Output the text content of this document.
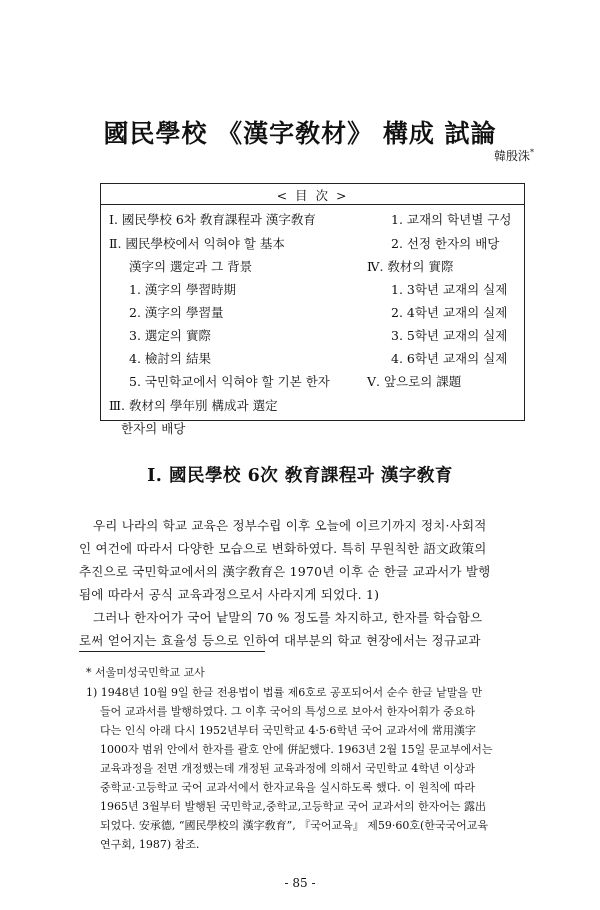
國民學校 《漢字敎材》 構成 試論
韓殷洙*
< 目 次 >
Ⅰ. 國民學校 6차 敎育課程과 漢字敎育
Ⅱ. 國民學校에서 익혀야 할 基本
漢字의 選定과 그 背景
1. 漢字의 學習時期
2. 漢字의 學習量
3. 選定의 實際
4. 檢討의 結果
5. 국민학교에서 익혀야 할 기본 한자
Ⅲ. 敎材의 學年別 構成과 選定
한자의 배당
1. 교재의 학년별 구성
2. 선정 한자의 배당
Ⅳ. 敎材의 實際
1. 3학년 교재의 실제
2. 4학년 교재의 실제
3. 5학년 교재의 실제
4. 6학년 교재의 실제
Ⅴ. 앞으로의 課題
Ⅰ. 國民學校 6次 敎育課程과 漢字敎育
우리 나라의 학교 교육은 정부수립 이후 오늘에 이르기까지 정치·사회적
인 여건에 따라서 다양한 모습으로 변화하였다. 특히 무원칙한 語文政策의
추진으로 국민학교에서의 漢字敎育은 1970년 이후 순 한글 교과서가 발행
됨에 따라서 공식 교육과정으로서 사라지게 되었다. 1)
그러나 한자어가 국어 낱말의 70 % 정도를 차지하고, 한자를 학습함으
로써 얻어지는 효율성 등으로 인하여 대부분의 학교 현장에서는 정규교과
* 서울미성국민학교 교사
1) 1948년 10월 9일 한글 전용법이 법률 제6호로 공포되어서 순수 한글 낱말을 만
들어 교과서를 발행하였다. 그 이후 국어의 특성으로 보아서 한자어휘가 중요하
다는 인식 아래 다시 1952년부터 국민학교 4·5·6학년 국어 교과서에 常用漢字
1000자 범위 안에서 한자를 괄호 안에 倂記했다. 1963년 2월 15일 문교부에서는
교육과정을 전면 개정했는데 개정된 교육과정에 의해서 국민학교 4학년 이상과
중학교·고등학교 국어 교과서에서 한자교육을 실시하도록 했다. 이 원칙에 따라
1965년 3월부터 발행된 국민학교,중학교,고등학교 국어 교과서의 한자어는 露出
되었다. 安承德, “國民學校의 漢字敎育”, 『국어교육』 제59·60호(한국국어교육
연구회, 1987) 참조.
- 85 -
